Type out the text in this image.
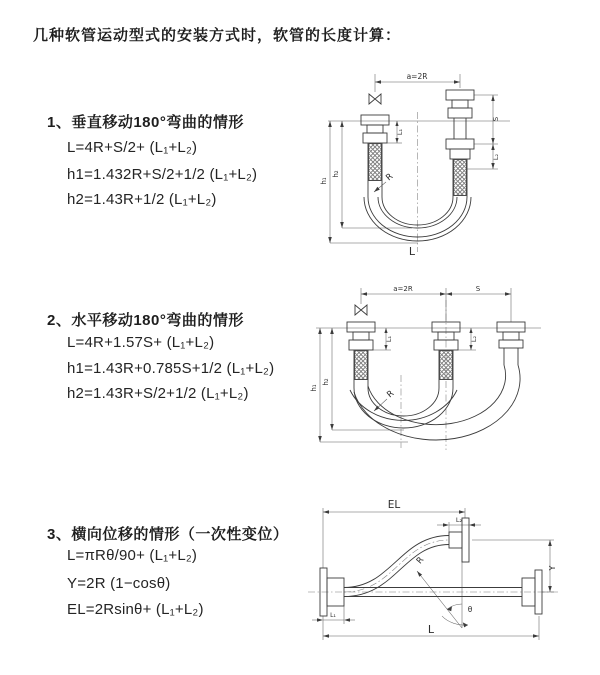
几种软管运动型式的安装方式时，软管的长度计算：
1、垂直移动180°弯曲的情形
L=4R+S/2+ (L₁+L₂)
h1=1.432R+S/2+1/2 (L₁+L₂)
h2=1.43R+1/2 (L₁+L₂)
2、水平移动180°弯曲的情形
L=4R+1.57S+ (L₁+L₂)
h1=1.43R+0.785S+1/2 (L₁+L₂)
h2=1.43R+S/2+1/2 (L₁+L₂)
3、横向位移的情形（一次性变位）
L=πRθ/90+ (L₁+L₂)
Y=2R (1−cosθ)
EL=2Rsinθ+ (L₁+L₂)
a=2R
L₁
S
L₂
h₁
h₂	R
L
a=2R	S
L₁	L₂
h₁
h₂
R
EL
L₂
Y
L
L₁
R
θ
